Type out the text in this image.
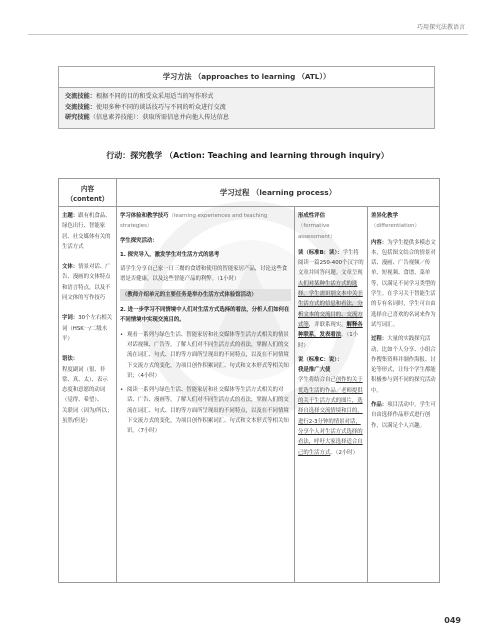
巧用探究法教语言
学习方法 （approaches to learning （ATL））
交流技能：根据不同的目的和受众采用适当的写作形式
交流技能：使用多种不同的谈话技巧与不同的听众进行交流
研究技能（信息素养技能）：获取所需信息并向他人传达信息
行动：探究教学 （Action: Teaching and learning through inquiry）
内容
（content）
学习过程 （learning process）

主题：跟有机食品、绿色出行、智能家居、社交媒体有关的生活方式

文体：情景对话、广告、漫画的文体特点和语言特点，以及不同文体的写作技巧

字词：30个左右相关词（HSK一/二级水平）

语法：
程度副词（很、非常、真、太）、表示态度和意愿的动词（觉得、希望）、
关联词（因为/所以；虽然/但是）

学习体验和教学技巧（learning experiences and teaching strategies）

学生探究活动：

1. 探究导入，激发学生对生活方式的思考

请学生分享自己家一日三餐的食谱和使用的智能家居产品，讨论这些食谱是否健康，以及这些智能产品的利弊。（1小时）

（教师介绍单元的主要任务是举办生活方式体验馆活动）

2. 进一步学习不同情境中人们对生活方式选择的看法，分析人们如何在不同情境中实现交流目的。

• 观看一系列与绿色生活、智能家居和社交媒体等生活方式相关的情景对话视频、广告等，了解人们对不同生活方式的看法，掌握人们的交流在词汇、句式、目的等方面所呈现出的不同特点，以及在不同情境下交流方式的变化，为项目创作积累词汇、句式和文本形式等相关知识；（4小时）

• 阅读一系列与绿色生活、智能家居和社交媒体等生活方式相关的对话、广告、漫画等，了解人们对不同生活方式的看法，掌握人们的交流在词汇、句式、目的等方面所呈现出的不同特点，以及在不同情境下交流方式的变化，为项目创作积累词汇、句式和文本形式等相关知识。（7小时）

形成性评估
（formative assessment）

读（标准B：读）：学生将阅读一篇250-400个汉字的文章并回答问题。文章呈现人们对某种生活方式的选择。学生需识别文本中关于生活方式的信息和看法，分析文本的交流目的、交流方式等，并联系现实，解释各种联系，发表看法。（1小时）

说（标准C：说）：
我是推广大使
学生将结合自己创作的关于优选生活的作品／老师提供的关于生活方式的图片，选择自选择交流情境和目的，进行2-3分钟的情景对话，分享个人对生活方式选择的看法，呼吁大家选择适合自己的生活方式。（2小时）

差异化教学
（differentiation）

内容：为学生提供多模态文本，包括图文结合的情景对话、漫画、广告视频／传单、短视频、食谱、菜单等，以满足不同学习类型的学生。在学习关于智能生活的专有名词时，学生可自由选择自己喜欢的名词来作为试写词汇。

过程：大量的实践探究活动，比如个人分享、小组合作搜集资料并制作海报、讨论等形式，让每个学生都能积极参与到不同的探究活动中。

作品：项目活动中，学生可自由选择作品形式进行创作，以满足个人兴趣。

049
